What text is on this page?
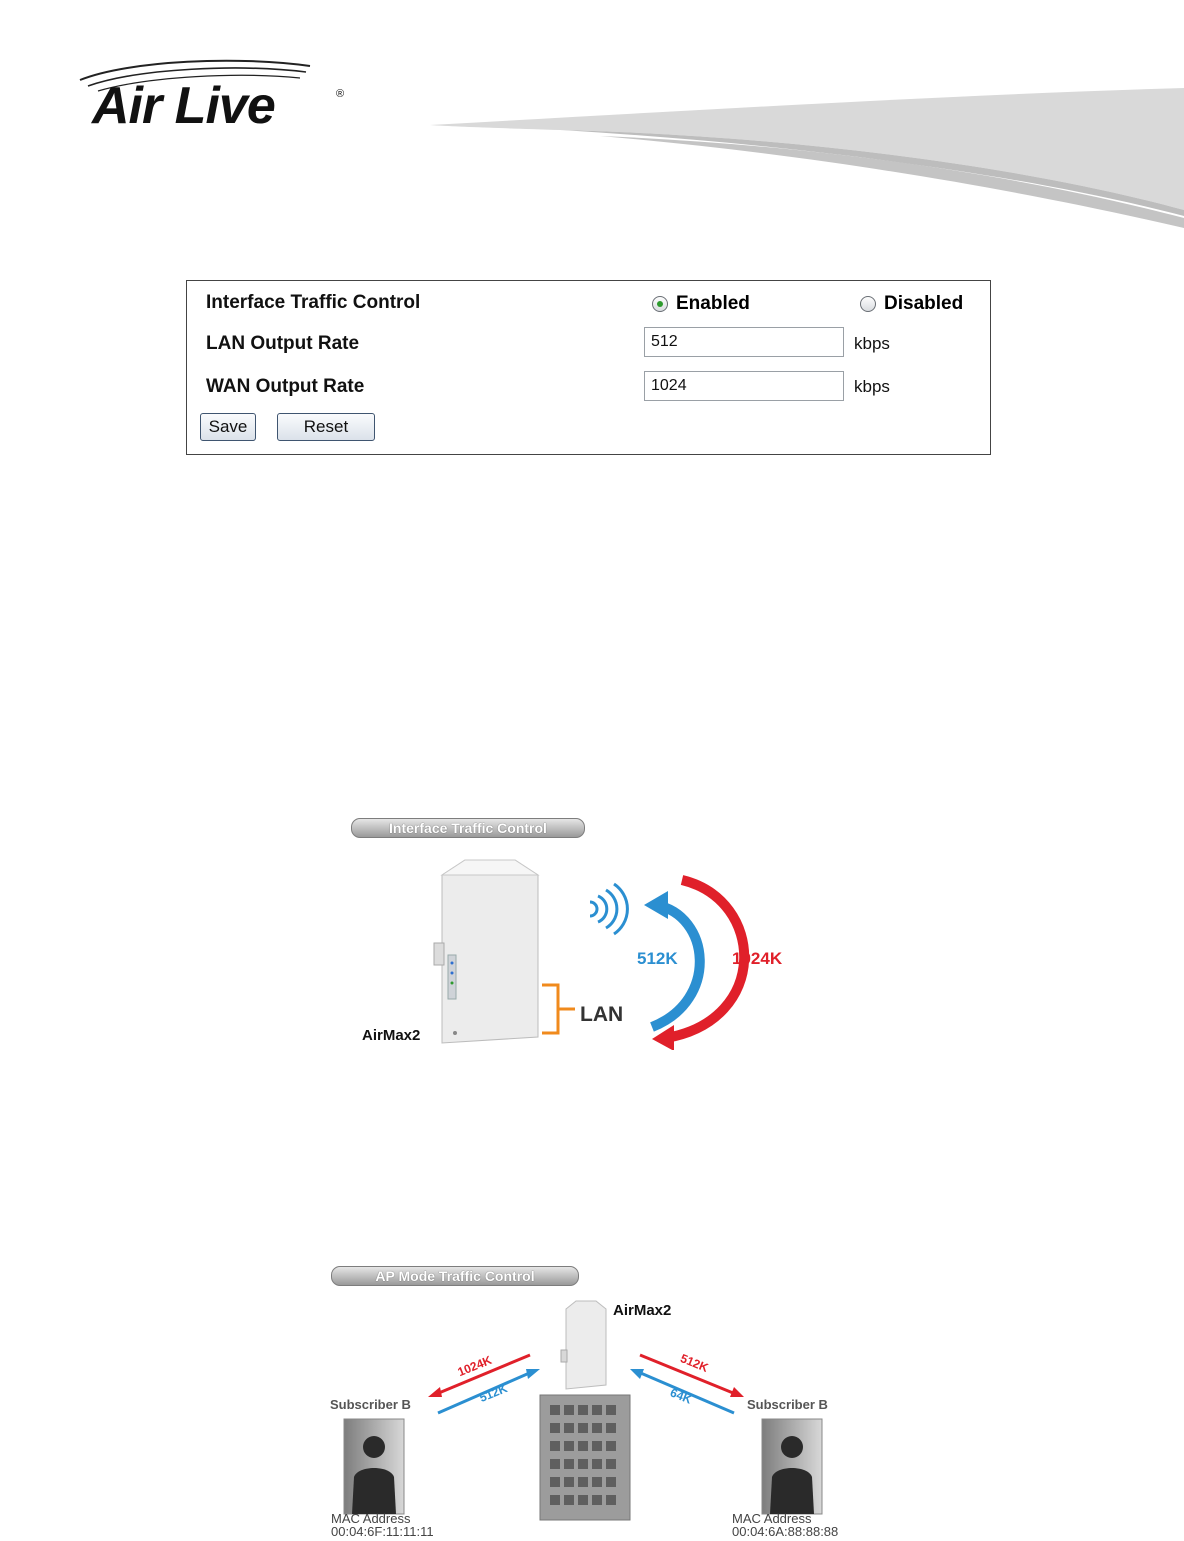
Air Live	®
Interface Traffic Control	Enabled	Disabled
LAN Output Rate
512	kbps
WAN Output Rate
1024	kbps
Save	Reset
Interface Traffic Control
512K	1024K
LAN
AirMax2
AP Mode Traffic Control
AirMax2
1024K
512K
512K
64K
Subscriber B	Subscriber B
MAC Address
00:04:6F:11:11:11
MAC Address
00:04:6A:88:88:88
